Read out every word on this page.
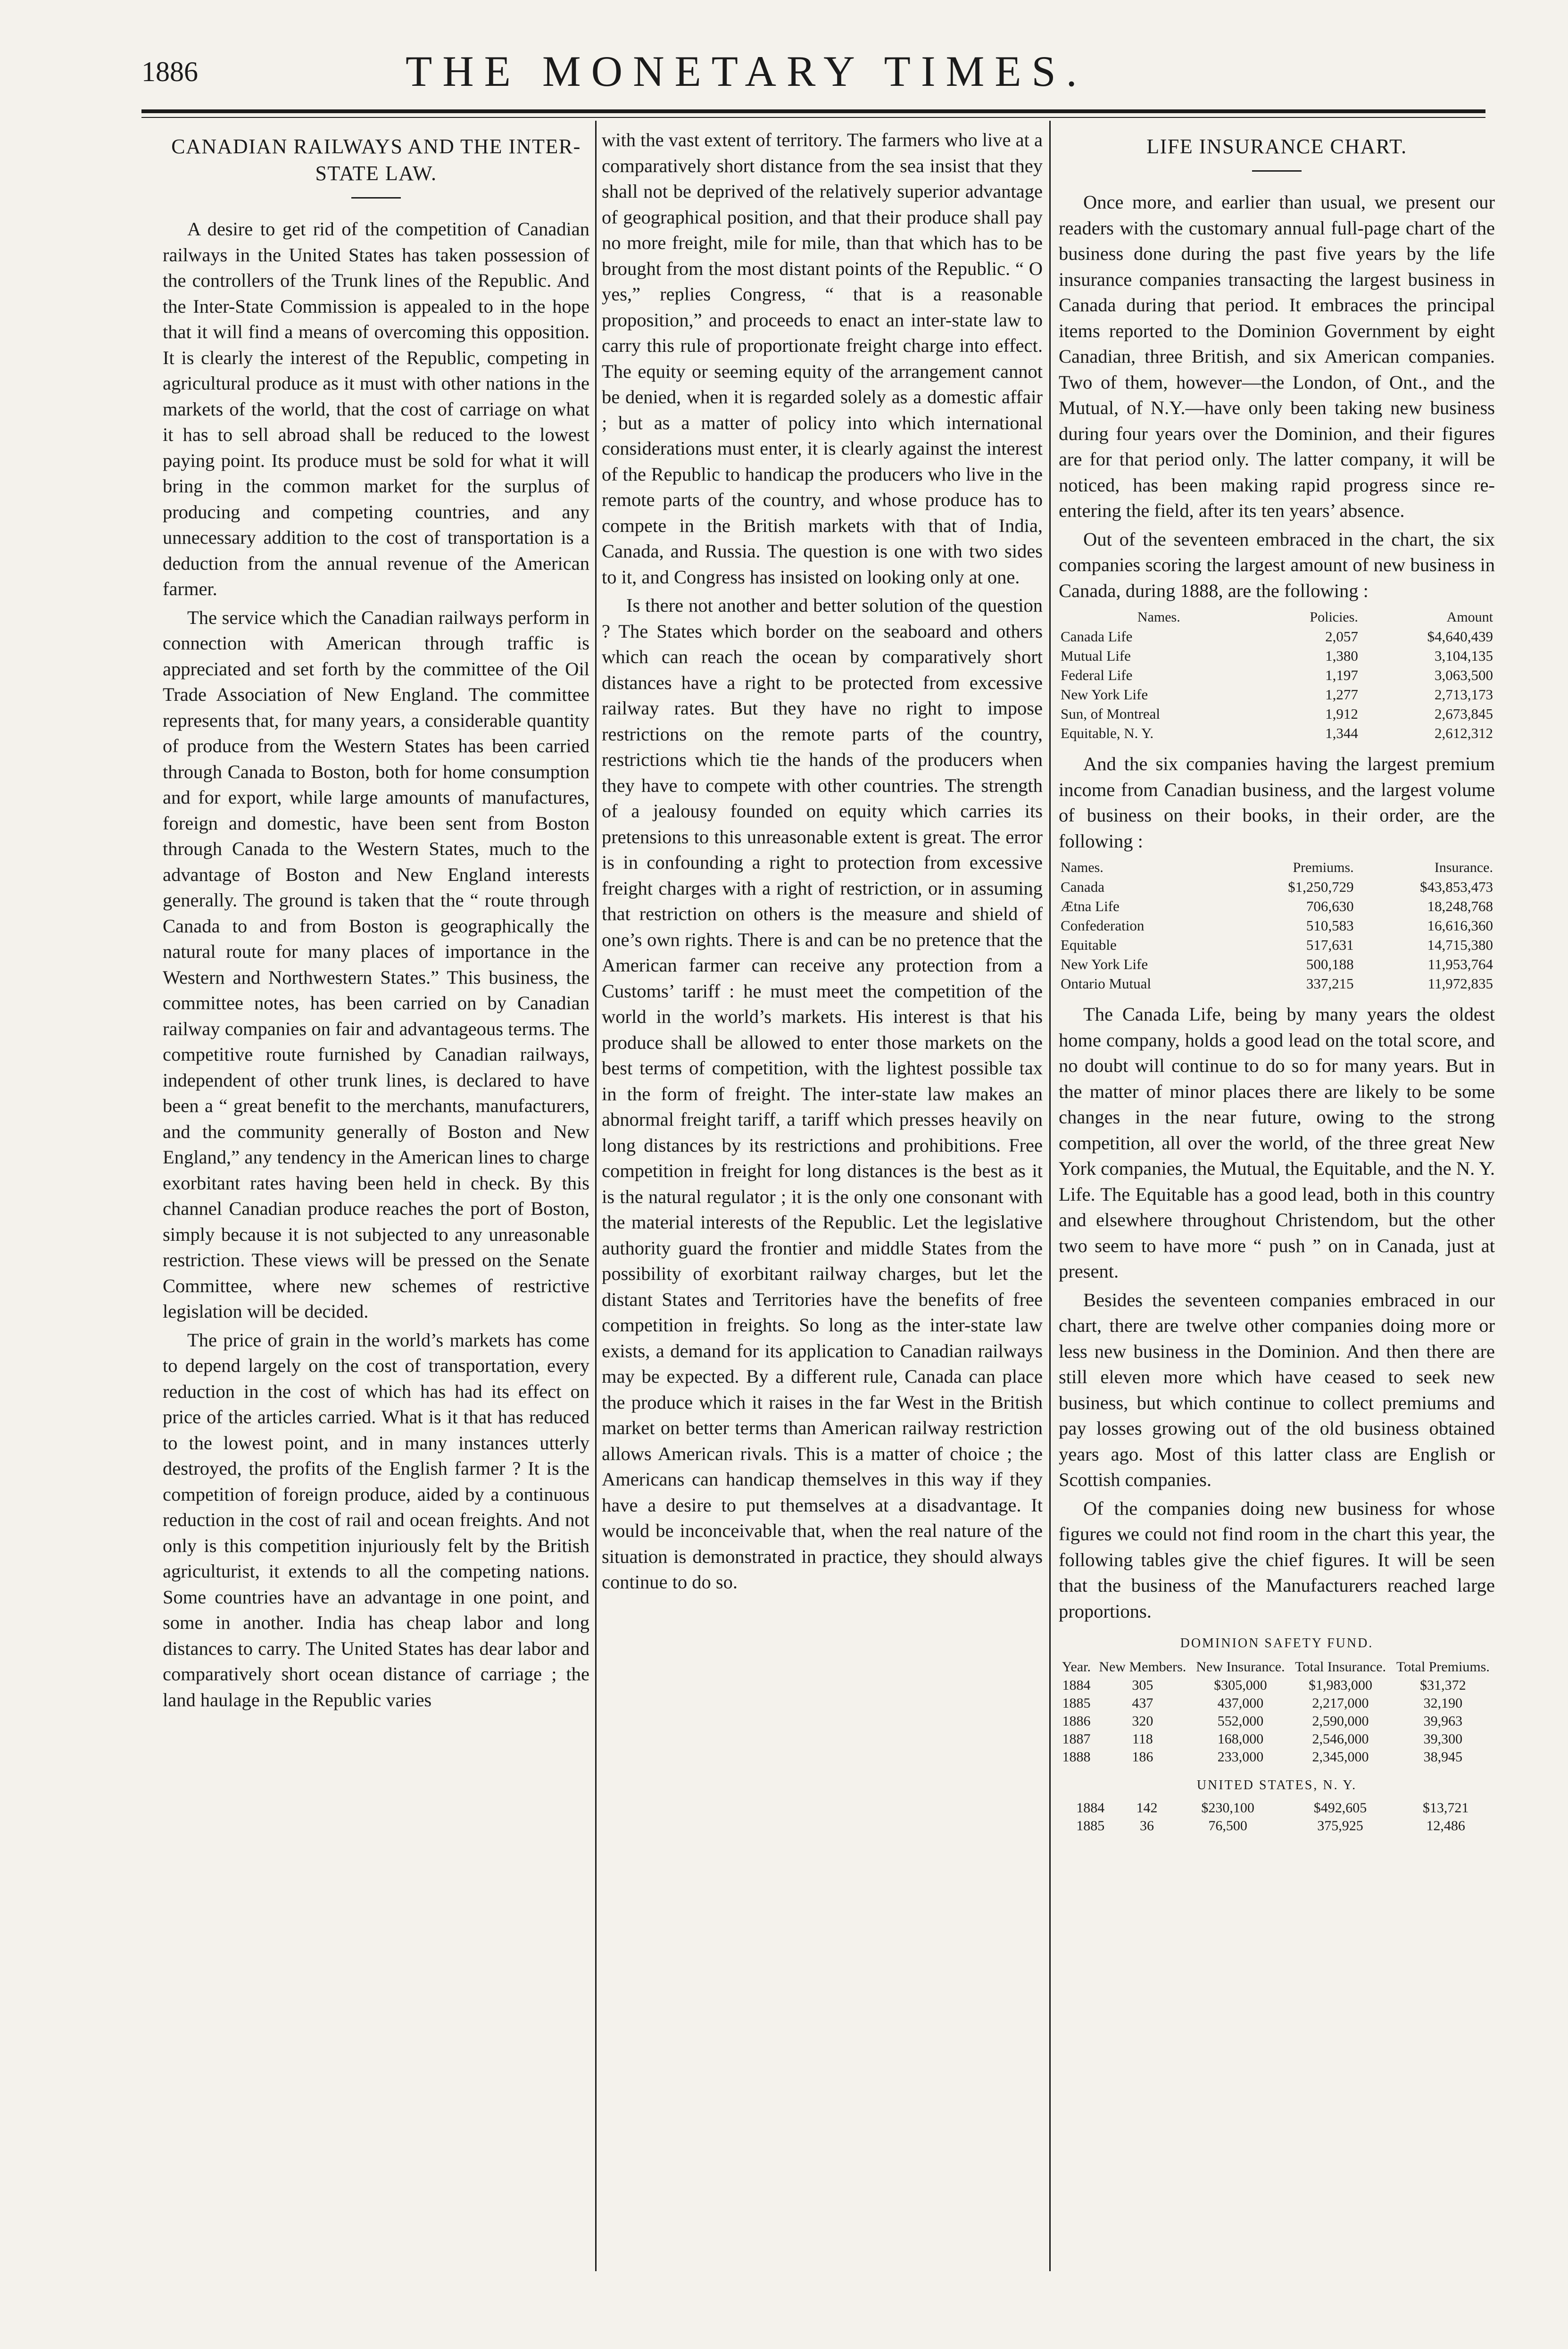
1886	THE MONETARY TIMES.
CANADIAN RAILWAYS AND THE INTER-STATE LAW.

A desire to get rid of the competition of Canadian railways in the United States has taken possession of the controllers of the Trunk lines of the Republic. And the Inter-State Commission is appealed to in the hope that it will find a means of overcoming this opposition. It is clearly the interest of the Republic, competing in agricultural produce as it must with other nations in the markets of the world, that the cost of carriage on what it has to sell abroad shall be reduced to the lowest paying point. Its produce must be sold for what it will bring in the common market for the surplus of producing and competing countries, and any unnecessary addition to the cost of transportation is a deduction from the annual revenue of the American farmer.

The service which the Canadian railways perform in connection with American through traffic is appreciated and set forth by the committee of the Oil Trade Association of New England. The committee represents that, for many years, a considerable quantity of produce from the Western States has been carried through Canada to Boston, both for home consumption and for export, while large amounts of manufactures, foreign and domestic, have been sent from Boston through Canada to the Western States, much to the advantage of Boston and New England interests generally. The ground is taken that the “ route through Canada to and from Boston is geographically the natural route for many places of importance in the Western and Northwestern States.” This business, the committee notes, has been carried on by Canadian railway companies on fair and advantageous terms. The competitive route furnished by Canadian railways, independent of other trunk lines, is declared to have been a “ great benefit to the merchants, manufacturers, and the community generally of Boston and New England,” any tendency in the American lines to charge exorbitant rates having been held in check. By this channel Canadian produce reaches the port of Boston, simply because it is not subjected to any unreasonable restriction. These views will be pressed on the Senate Committee, where new schemes of restrictive legislation will be decided.

The price of grain in the world’s markets has come to depend largely on the cost of transportation, every reduction in the cost of which has had its effect on price of the articles carried. What is it that has reduced to the lowest point, and in many instances utterly destroyed, the profits of the English farmer ? It is the competition of foreign produce, aided by a continuous reduction in the cost of rail and ocean freights. And not only is this competition injuriously felt by the British agriculturist, it extends to all the competing nations. Some countries have an advantage in one point, and some in another. India has cheap labor and long distances to carry. The United States has dear labor and comparatively short ocean distance of carriage ; the land haulage in the Republic varies

with the vast extent of territory. The farmers who live at a comparatively short distance from the sea insist that they shall not be deprived of the relatively superior advantage of geographical position, and that their produce shall pay no more freight, mile for mile, than that which has to be brought from the most distant points of the Republic. “ O yes,” replies Congress, “ that is a reasonable proposition,” and proceeds to enact an inter-state law to carry this rule of proportionate freight charge into effect. The equity or seeming equity of the arrangement cannot be denied, when it is regarded solely as a domestic affair ; but as a matter of policy into which international considerations must enter, it is clearly against the interest of the Republic to handicap the producers who live in the remote parts of the country, and whose produce has to compete in the British markets with that of India, Canada, and Russia. The question is one with two sides to it, and Congress has insisted on looking only at one.

Is there not another and better solution of the question ? The States which border on the seaboard and others which can reach the ocean by comparatively short distances have a right to be protected from excessive railway rates. But they have no right to impose restrictions on the remote parts of the country, restrictions which tie the hands of the producers when they have to compete with other countries. The strength of a jealousy founded on equity which carries its pretensions to this unreasonable extent is great. The error is in confounding a right to protection from excessive freight charges with a right of restriction, or in assuming that restriction on others is the measure and shield of one’s own rights. There is and can be no pretence that the American farmer can receive any protection from a Customs’ tariff : he must meet the competition of the world in the world’s markets. His interest is that his produce shall be allowed to enter those markets on the best terms of competition, with the lightest possible tax in the form of freight. The inter-state law makes an abnormal freight tariff, a tariff which presses heavily on long distances by its restrictions and prohibitions. Free competition in freight for long distances is the best as it is the natural regulator ; it is the only one consonant with the material interests of the Republic. Let the legislative authority guard the frontier and middle States from the possibility of exorbitant railway charges, but let the distant States and Territories have the benefits of free competition in freights. So long as the inter-state law exists, a demand for its application to Canadian railways may be expected. By a different rule, Canada can place the produce which it raises in the far West in the British market on better terms than American railway restriction allows American rivals. This is a matter of choice ; the Americans can handicap themselves in this way if they have a desire to put themselves at a disadvantage. It would be inconceivable that, when the real nature of the situation is demonstrated in practice, they should always continue to do so.

LIFE INSURANCE CHART.

Once more, and earlier than usual, we present our readers with the customary annual full-page chart of the business done during the past five years by the life insurance companies transacting the largest business in Canada during that period. It embraces the principal items reported to the Dominion Government by eight Canadian, three British, and six American companies. Two of them, however—the London, of Ont., and the Mutual, of N.Y.—have only been taking new business during four years over the Dominion, and their figures are for that period only. The latter company, it will be noticed, has been making rapid progress since re-entering the field, after its ten years’ absence.

Out of the seventeen embraced in the chart, the six companies scoring the largest amount of new business in Canada, during 1888, are the following :

Names.	Policies.	Amount
Canada Life	2,057	$4,640,439
Mutual Life	1,380	3,104,135
Federal Life	1,197	3,063,500
New York Life	1,277	2,713,173
Sun, of Montreal	1,912	2,673,845
Equitable, N. Y.	1,344	2,612,312

And the six companies having the largest premium income from Canadian business, and the largest volume of business on their books, in their order, are the following :

Names.	Premiums.	Insurance.
Canada	$1,250,729	$43,853,473
Ætna Life	706,630	18,248,768
Confederation	510,583	16,616,360
Equitable	517,631	14,715,380
New York Life	500,188	11,953,764
Ontario Mutual	337,215	11,972,835

The Canada Life, being by many years the oldest home company, holds a good lead on the total score, and no doubt will continue to do so for many years. But in the matter of minor places there are likely to be some changes in the near future, owing to the strong competition, all over the world, of the three great New York companies, the Mutual, the Equitable, and the N. Y. Life. The Equitable has a good lead, both in this country and elsewhere throughout Christendom, but the other two seem to have more “ push ” on in Canada, just at present.

Besides the seventeen companies embraced in our chart, there are twelve other companies doing more or less new business in the Dominion. And then there are still eleven more which have ceased to seek new business, but which continue to collect premiums and pay losses growing out of the old business obtained years ago. Most of this latter class are English or Scottish companies.

Of the companies doing new business for whose figures we could not find room in the chart this year, the following tables give the chief figures. It will be seen that the business of the Manufacturers reached large proportions.

DOMINION SAFETY FUND.
Year.	New Members.	New Insurance.	Total Insurance.	Total Premiums.
1884	305	$305,000	$1,983,000	$31,372
1885	437	437,000	2,217,000	32,190
1886	320	552,000	2,590,000	39,963
1887	118	168,000	2,546,000	39,300
1888	186	233,000	2,345,000	38,945
UNITED STATES, N. Y.
1884	142	$230,100	$492,605	$13,721
1885	36	76,500	375,925	12,486
